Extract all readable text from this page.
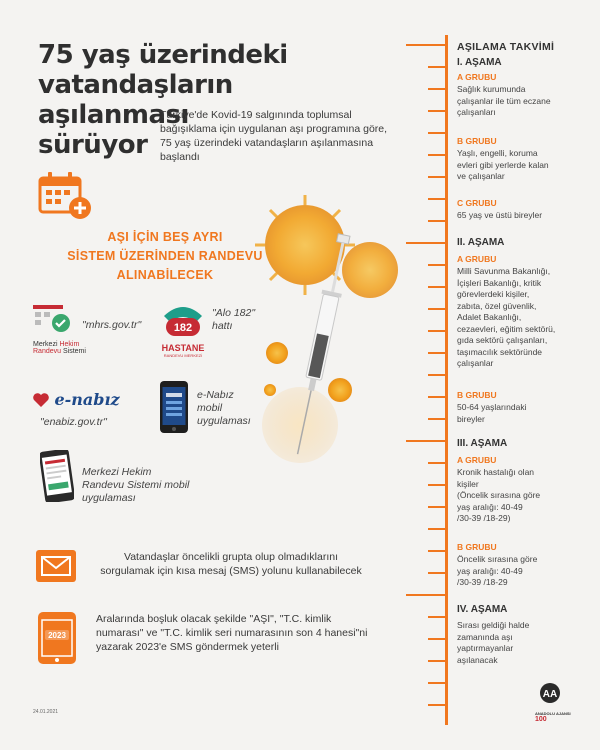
75 yaş üzerindeki
vatandaşların aşılanması
sürüyor
Türkiye'de Kovid-19 salgınında toplumsal bağışıklama için uygulanan aşı programına göre, 75 yaş üzerindeki vatandaşların aşılanmasına başlandı
AŞI İÇİN BEŞ AYRI
SİSTEM ÜZERİNDEN RANDEVU
ALINABİLECEK
Merkezi Hekim
Randevu Sistemi
"mhrs.gov.tr"	182
HASTANE
RANDEVU MERKEZİ
"Alo 182"
hattı
e-nabız
"enabiz.gov.tr"
e-Nabız
mobil
uygulaması
Merkezi Hekim
Randevu Sistemi mobil
uygulaması
Vatandaşlar öncelikli grupta olup olmadıklarını sorgulamak için kısa mesaj (SMS) yolunu kullanabilecek
2023
Aralarında boşluk olacak şekilde "AŞI", "T.C. kimlik numarası" ve "T.C. kimlik seri numarasının son 4 hanesi"ni yazarak 2023'e SMS göndermek yeterli
24.01.2021
AA
ANADOLU AJANSI
100
AŞILAMA TAKVİMİ
I. AŞAMA
A GRUBU
Sağlık kurumunda
çalışanlar ile tüm eczane
çalışanları
B GRUBU
Yaşlı, engelli, koruma
evleri gibi yerlerde kalan
ve çalışanlar
C GRUBU
65 yaş ve üstü bireyler
II. AŞAMA
A GRUBU
Milli Savunma Bakanlığı,
İçişleri Bakanlığı, kritik
görevlerdeki kişiler,
zabıta, özel güvenlik,
Adalet Bakanlığı,
cezaevleri, eğitim sektörü,
gıda sektörü çalışanları,
taşımacılık sektöründe
çalışanlar
B GRUBU
50-64 yaşlarındaki
bireyler
III. AŞAMA
A GRUBU
Kronik hastalığı olan
kişiler
(Öncelik sırasına göre
yaş aralığı: 40-49
/30-39 /18-29)
B GRUBU
Öncelik sırasına göre
yaş aralığı: 40-49
/30-39 /18-29
IV. AŞAMA
Sırası geldiği halde
zamanında aşı
yaptırmayanlar
aşılanacak
